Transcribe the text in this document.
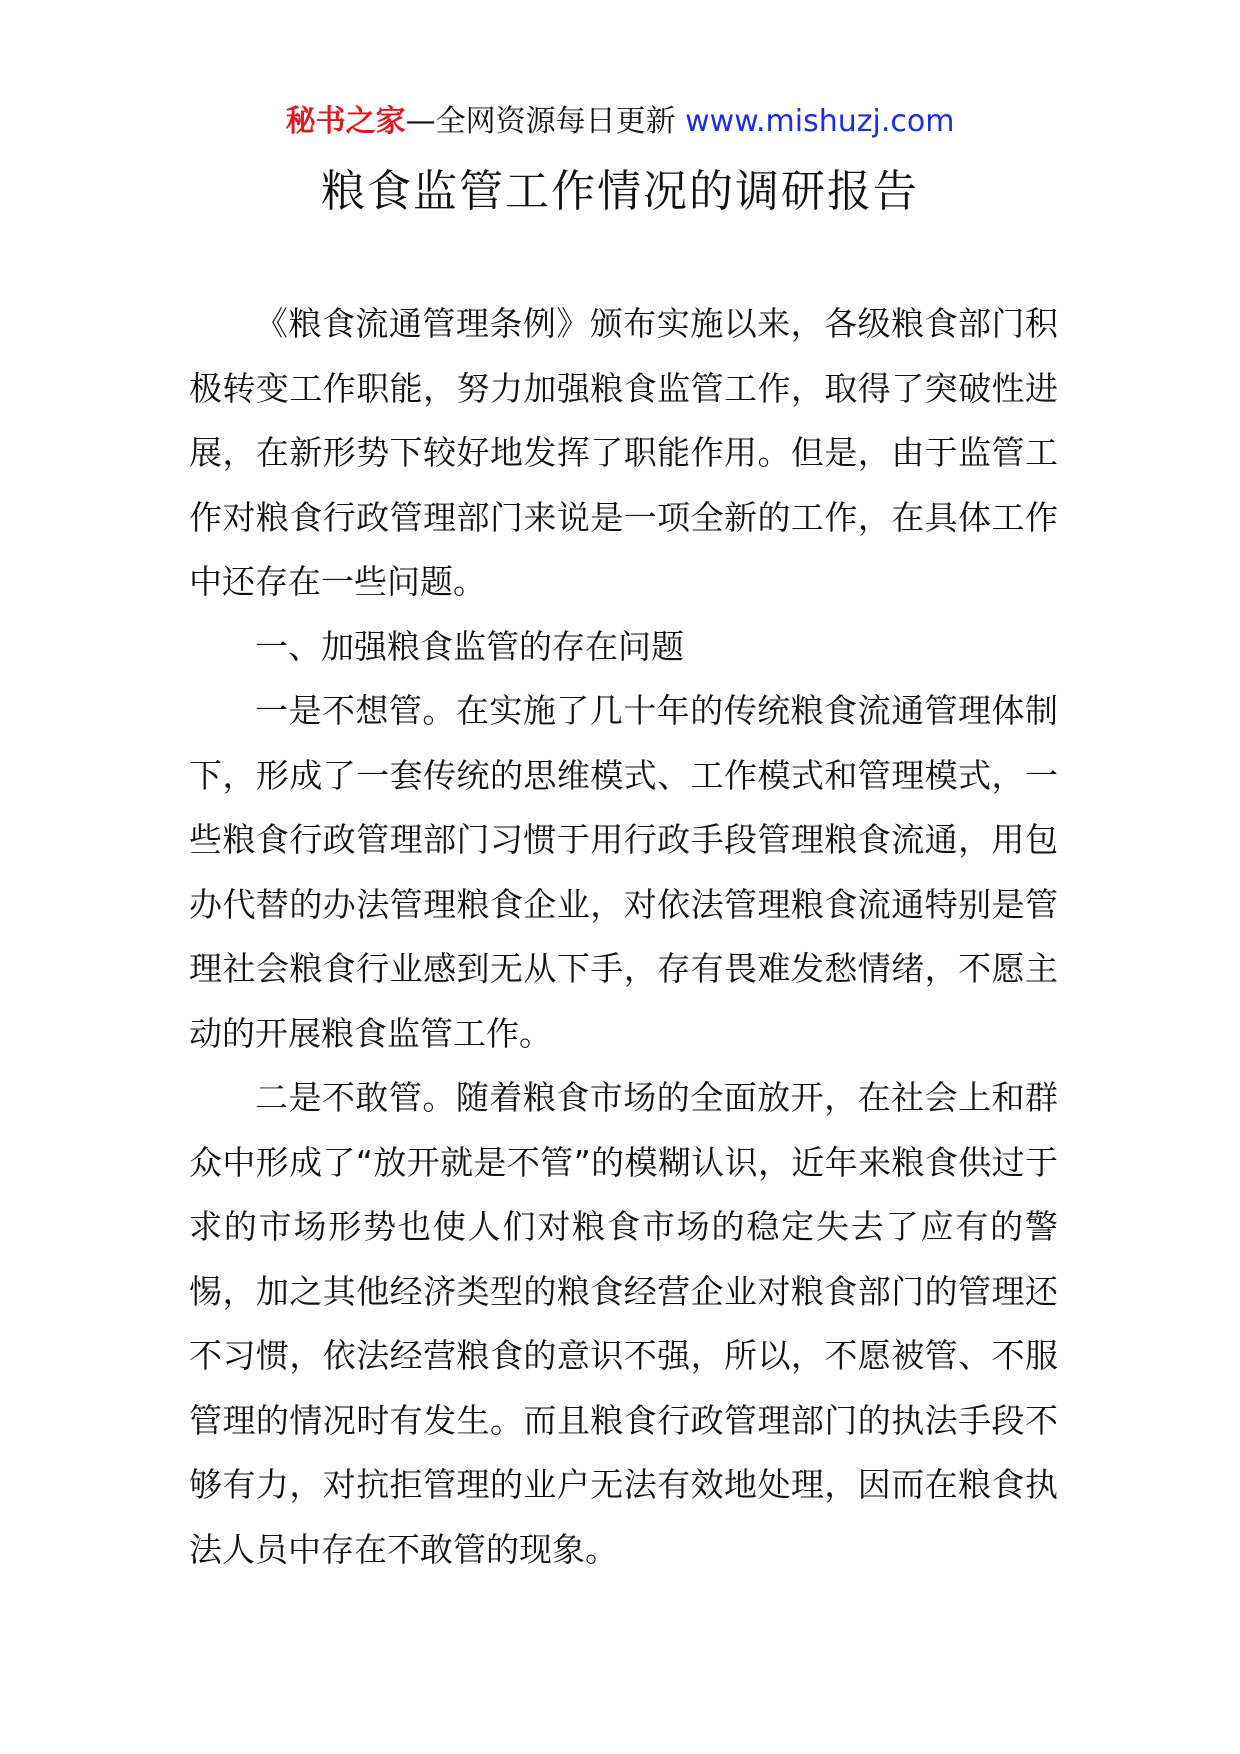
秘书之家—全网资源每日更新 www.mishuzj.com
粮食监管工作情况的调研报告

《粮食流通管理条例》颁布实施以来，各级粮食部门积极转变工作职能，努力加强粮食监管工作，取得了突破性进展，在新形势下较好地发挥了职能作用。但是，由于监管工作对粮食行政管理部门来说是一项全新的工作，在具体工作中还存在一些问题。

一、加强粮食监管的存在问题

一是不想管。在实施了几十年的传统粮食流通管理体制下，形成了一套传统的思维模式、工作模式和管理模式，一些粮食行政管理部门习惯于用行政手段管理粮食流通，用包办代替的办法管理粮食企业，对依法管理粮食流通特别是管理社会粮食行业感到无从下手，存有畏难发愁情绪，不愿主动的开展粮食监管工作。

二是不敢管。随着粮食市场的全面放开，在社会上和群众中形成了“放开就是不管”的模糊认识，近年来粮食供过于求的市场形势也使人们对粮食市场的稳定失去了应有的警惕，加之其他经济类型的粮食经营企业对粮食部门的管理还不习惯，依法经营粮食的意识不强，所以，不愿被管、不服管理的情况时有发生。而且粮食行政管理部门的执法手段不够有力，对抗拒管理的业户无法有效地处理，因而在粮食执法人员中存在不敢管的现象。
